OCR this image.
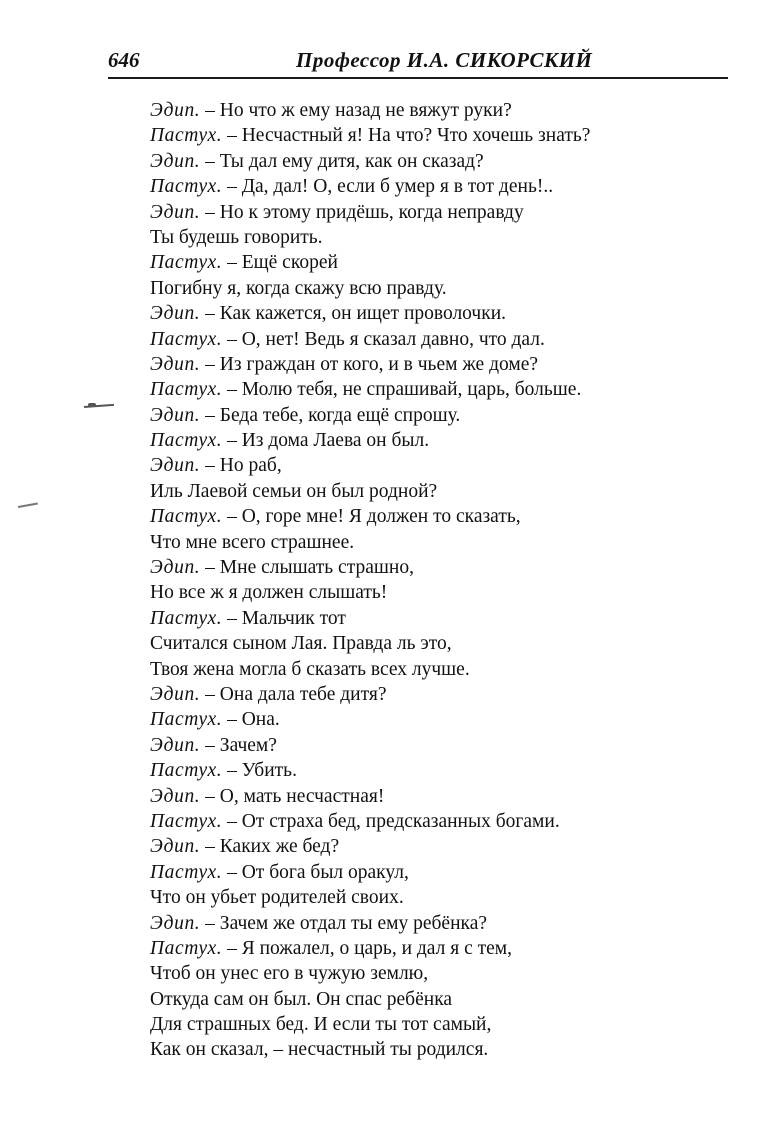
646	Профессор И.А. СИКОРСКИЙ
Эдип. – Но что ж ему назад не вяжут руки?
Пастух. – Несчастный я! На что? Что хочешь знать?
Эдип. – Ты дал ему дитя, как он сказад?
Пастух. – Да, дал! О, если б умер я в тот день!..
Эдип. – Но к этому придёшь, когда неправду
Ты будешь говорить.
Пастух. – Ещё скорей
Погибну я, когда скажу всю правду.
Эдип. – Как кажется, он ищет проволочки.
Пастух. – О, нет! Ведь я сказал давно, что дал.
Эдип. – Из граждан от кого, и в чьем же доме?
Пастух. – Молю тебя, не спрашивай, царь, больше.
Эдип. – Беда тебе, когда ещё спрошу.
Пастух. – Из дома Лаева он был.
Эдип. – Но раб,
Иль Лаевой семьи он был родной?
Пастух. – О, горе мне! Я должен то сказать,
Что мне всего страшнее.
Эдип. – Мне слышать страшно,
Но все ж я должен слышать!
Пастух. – Мальчик тот
Считался сыном Лая. Правда ль это,
Твоя жена могла б сказать всех лучше.
Эдип. – Она дала тебе дитя?
Пастух. – Она.
Эдип. – Зачем?
Пастух. – Убить.
Эдип. – О, мать несчастная!
Пастух. – От страха бед, предсказанных богами.
Эдип. – Каких же бед?
Пастух. – От бога был оракул,
Что он убьет родителей своих.
Эдип. – Зачем же отдал ты ему ребёнка?
Пастух. – Я пожалел, о царь, и дал я с тем,
Чтоб он унес его в чужую землю,
Откуда сам он был. Он спас ребёнка
Для страшных бед. И если ты тот самый,
Как он сказал, – несчастный ты родился.
